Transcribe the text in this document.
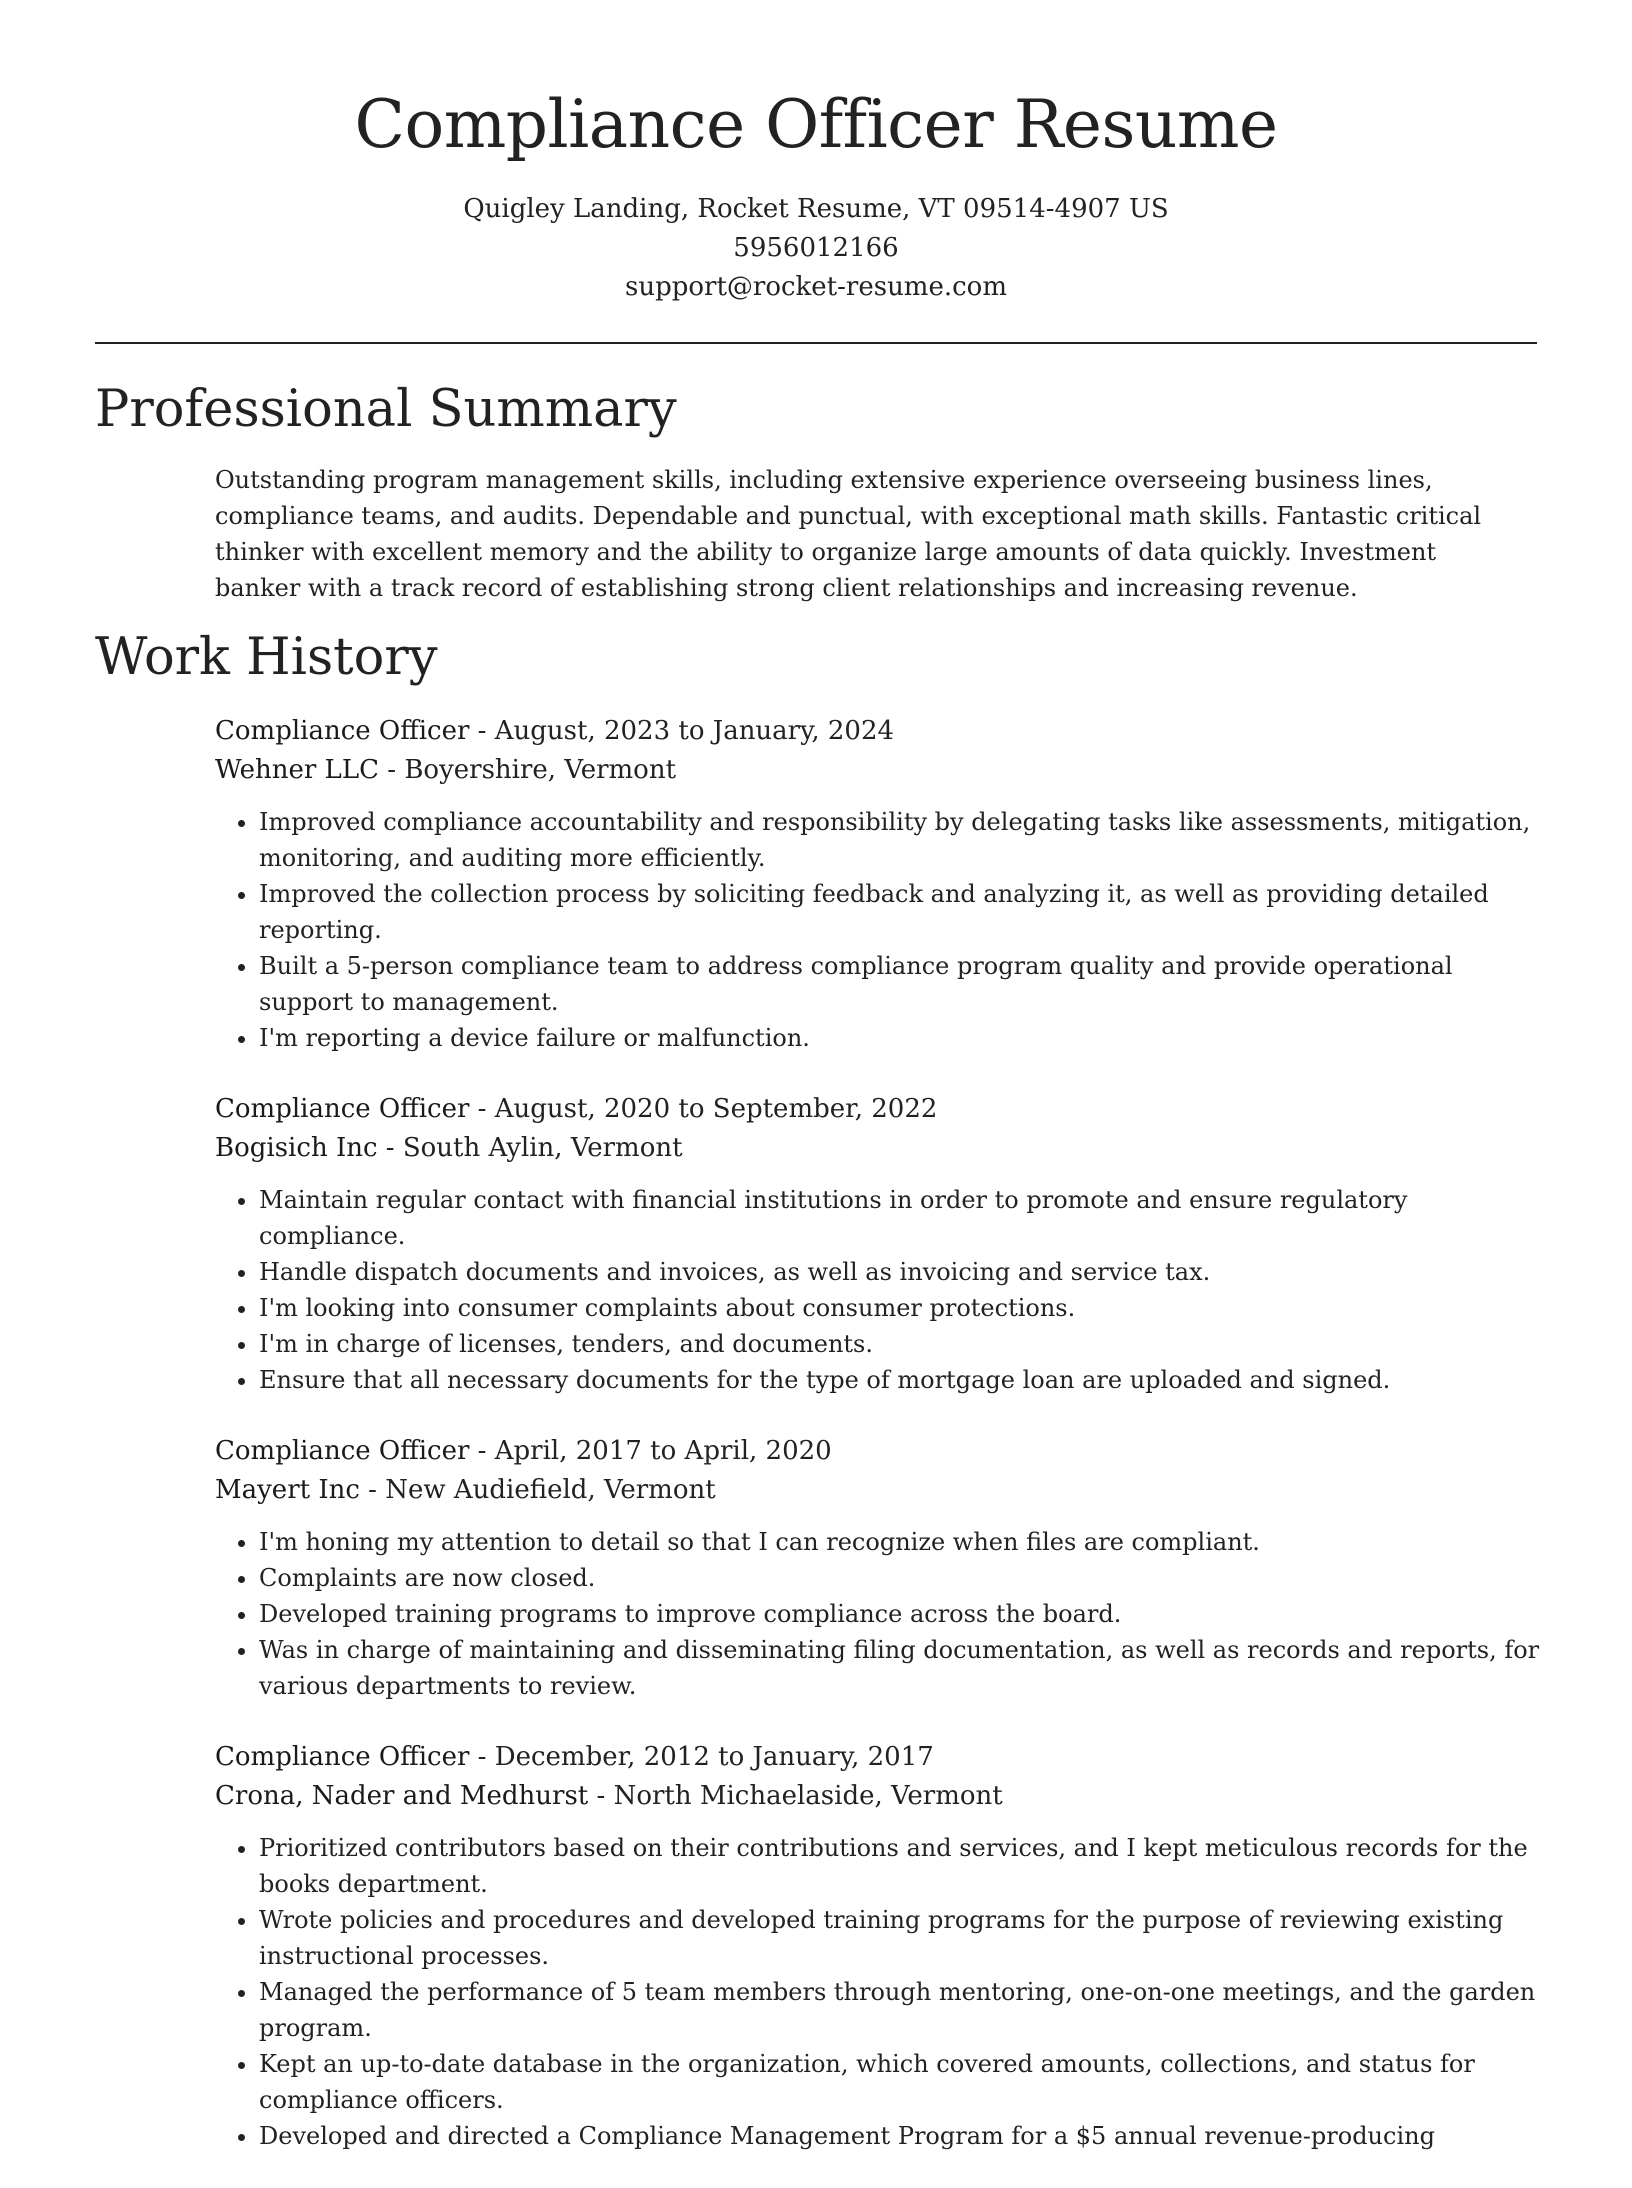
Compliance Officer Resume

Quigley Landing, Rocket Resume, VT 09514-4907 US

5956012166

support@rocket-resume.com

Professional Summary

Outstanding program management skills, including extensive experience overseeing business lines, compliance teams, and audits. Dependable and punctual, with exceptional math skills. Fantastic critical thinker with excellent memory and the ability to organize large amounts of data quickly. Investment banker with a track record of establishing strong client relationships and increasing revenue.

Work History

Compliance Officer - August, 2023 to January, 2024

Wehner LLC - Boyershire, Vermont

• Improved compliance accountability and responsibility by delegating tasks like assessments, mitigation, monitoring, and auditing more efficiently.
• Improved the collection process by soliciting feedback and analyzing it, as well as providing detailed reporting.
• Built a 5-person compliance team to address compliance program quality and provide operational support to management.
• I'm reporting a device failure or malfunction.

Compliance Officer - August, 2020 to September, 2022

Bogisich Inc - South Aylin, Vermont

• Maintain regular contact with financial institutions in order to promote and ensure regulatory compliance.
• Handle dispatch documents and invoices, as well as invoicing and service tax.
• I'm looking into consumer complaints about consumer protections.
• I'm in charge of licenses, tenders, and documents.
• Ensure that all necessary documents for the type of mortgage loan are uploaded and signed.

Compliance Officer - April, 2017 to April, 2020

Mayert Inc - New Audiefield, Vermont

• I'm honing my attention to detail so that I can recognize when files are compliant.
• Complaints are now closed.
• Developed training programs to improve compliance across the board.
• Was in charge of maintaining and disseminating filing documentation, as well as records and reports, for various departments to review.

Compliance Officer - December, 2012 to January, 2017

Crona, Nader and Medhurst - North Michaelaside, Vermont

• Prioritized contributors based on their contributions and services, and I kept meticulous records for the books department.
• Wrote policies and procedures and developed training programs for the purpose of reviewing existing instructional processes.
• Managed the performance of 5 team members through mentoring, one-on-one meetings, and the garden program.
• Kept an up-to-date database in the organization, which covered amounts, collections, and status for compliance officers.
• Developed and directed a Compliance Management Program for a $5 annual revenue-producing
